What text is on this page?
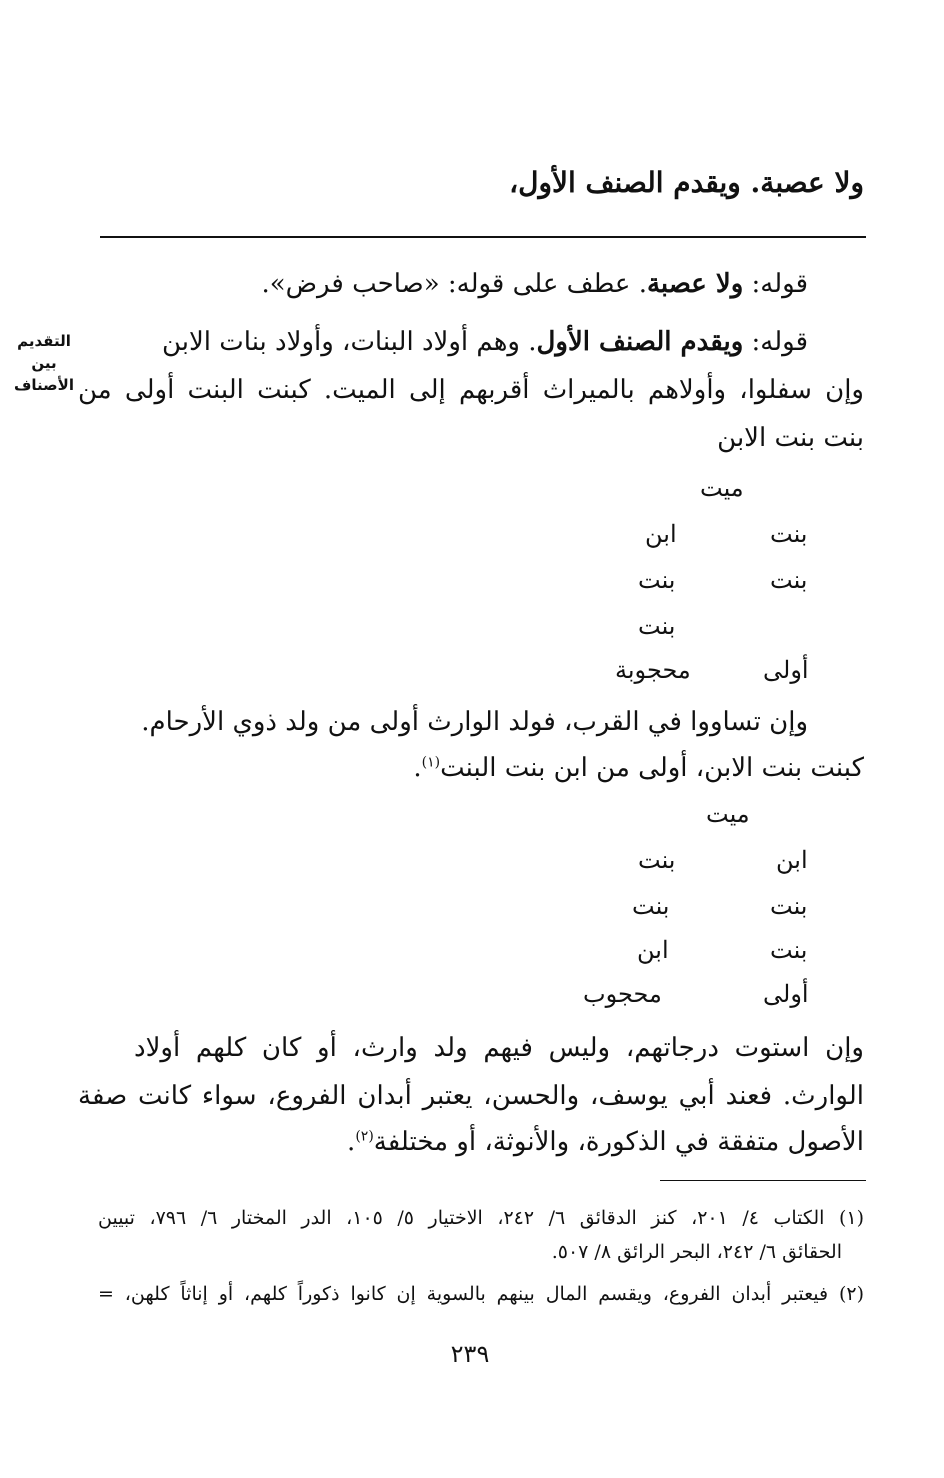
ولا عصبة. ويقدم الصنف الأول،
التقديم
بين
الأصناف
قوله: ولا عصبة. عطف على قوله: «صاحب فرض».
قوله: ويقدم الصنف الأول. وهم أولاد البنات، وأولاد بنات الابن
وإن سفلوا، وأولاهم بالميراث أقربهم إلى الميت. كبنت البنت أولى من
بنت بنت الابن
ميت
بنت
ابن
بنت
بنت
بنت
أولى
محجوبة
وإن تساووا في القرب، فولد الوارث أولى من ولد ذوي الأرحام.
كبنت بنت الابن، أولى من ابن بنت البنت$^{(١)}$.
ميت
ابن
بنت
بنت
بنت
بنت
ابن
أولى
محجوب
وإن استوت درجاتهم، وليس فيهم ولد وارث، أو كان كلهم أولاد
الوارث. فعند أبي يوسف، والحسن، يعتبر أبدان الفروع، سواء كانت صفة
الأصول متفقة في الذكورة، والأنوثة، أو مختلفة$^{(٢)}$.
(١) الكتاب ٤/ ٢٠١، كنز الدقائق ٦/ ٢٤٢، الاختيار ٥/ ١٠٥، الدر المختار ٦/ ٧٩٦، تبيين
الحقائق ٦/ ٢٤٢، البحر الرائق ٨/ ٥٠٧.
(٢) فيعتبر أبدان الفروع، ويقسم المال بينهم بالسوية إن كانوا ذكوراً كلهم، أو إناثاً كلهن، =
٢٣٩
